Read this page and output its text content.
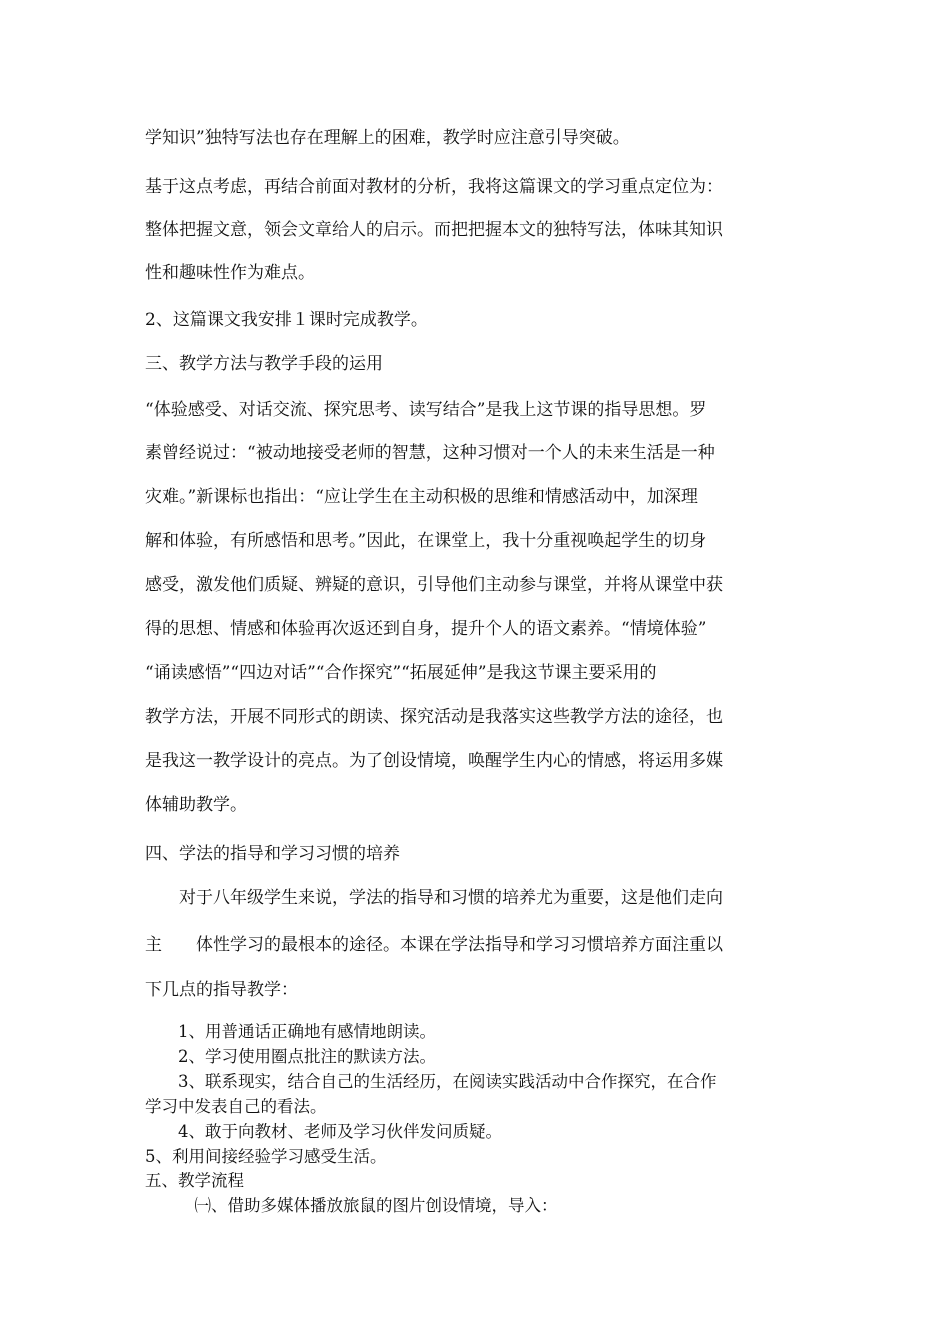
学知识”独特写法也存在理解上的困难，教学时应注意引导突破。

基于这点考虑，再结合前面对教材的分析，我将这篇课文的学习重点定位为：

整体把握文意，领会文章给人的启示。而把把握本文的独特写法，体味其知识

性和趣味性作为难点。

2、这篇课文我安排１课时完成教学。

三、教学方法与教学手段的运用

“体验感受、对话交流、探究思考、读写结合”是我上这节课的指导思想。罗

素曾经说过：“被动地接受老师的智慧，这种习惯对一个人的未来生活是一种

灾难。”新课标也指出：“应让学生在主动积极的思维和情感活动中，加深理

解和体验，有所感悟和思考。”因此，在课堂上，我十分重视唤起学生的切身

感受，激发他们质疑、辨疑的意识，引导他们主动参与课堂，并将从课堂中获

得的思想、情感和体验再次返还到自身，提升个人的语文素养。“情境体验”

“诵读感悟”“四边对话”“合作探究”“拓展延伸”是我这节课主要采用的

教学方法，开展不同形式的朗读、探究活动是我落实这些教学方法的途径，也

是我这一教学设计的亮点。为了创设情境，唤醒学生内心的情感，将运用多媒

体辅助教学。

四、学法的指导和学习习惯的培养

　　对于八年级学生来说，学法的指导和习惯的培养尤为重要，这是他们走向

主　　体性学习的最根本的途径。本课在学法指导和学习习惯培养方面注重以

下几点的指导教学：

　　1、用普通话正确地有感情地朗读。

　　2、学习使用圈点批注的默读方法。

　　3、联系现实，结合自己的生活经历，在阅读实践活动中合作探究，在合作

学习中发表自己的看法。

　　4、敢于向教材、老师及学习伙伴发问质疑。

5、利用间接经验学习感受生活。

五、教学流程

　　　㈠、借助多媒体播放旅鼠的图片创设情境，导入：
